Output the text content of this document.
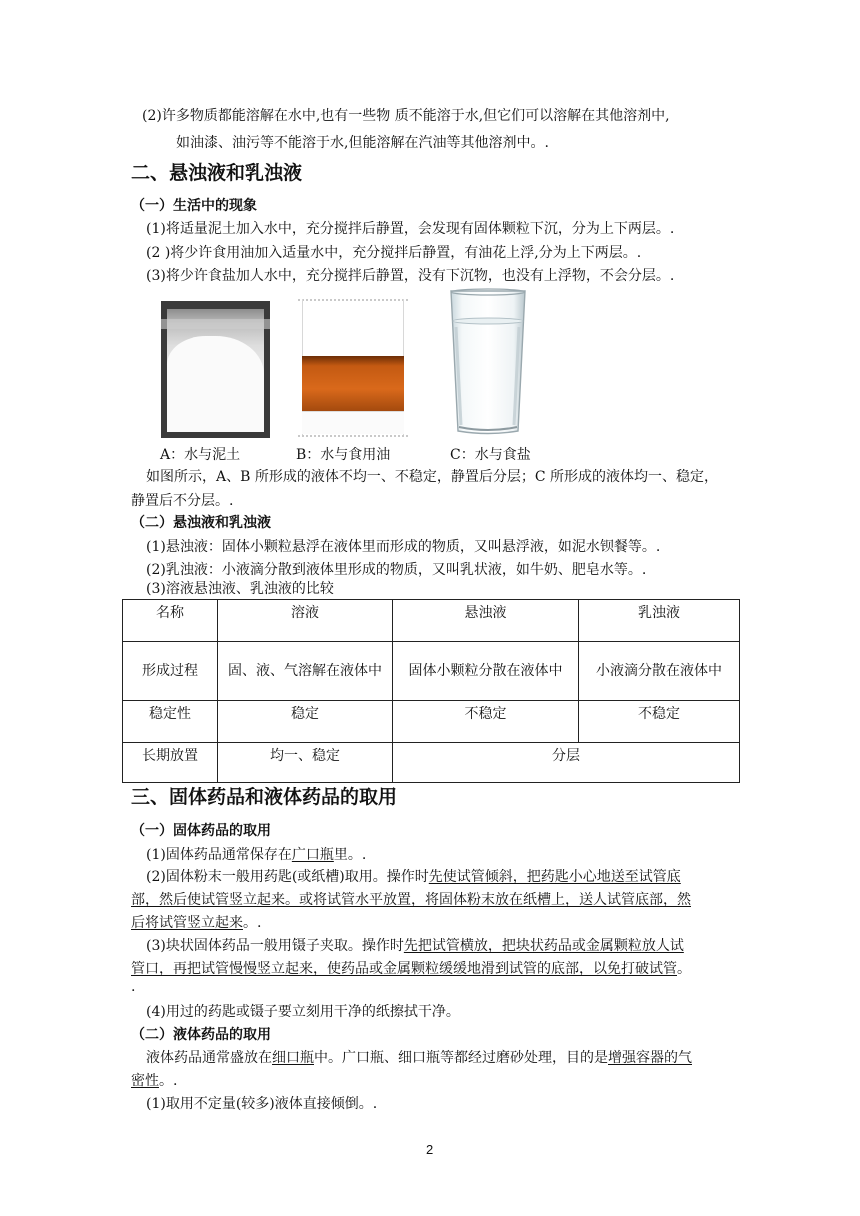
(2)许多物质都能溶解在水中,也有一些物 质不能溶于水,但它们可以溶解在其他溶剂中,
如油漆、油污等不能溶于水,但能溶解在汽油等其他溶剂中。.
二、悬浊液和乳浊液
（一）生活中的现象
(1)将适量泥土加入水中，充分搅拌后静置，会发现有固体颗粒下沉，分为上下两层。.
(2 )将少许食用油加入适量水中，充分搅拌后静置，有油花上浮,分为上下两层。.
(3)将少许食盐加人水中，充分搅拌后静置，没有下沉物，也没有上浮物，不会分层。.
A：水与泥土	B：水与食用油	C：水与食盐
如图所示，A、B 所形成的液体不均一、不稳定，静置后分层；C 所形成的液体均一、稳定，
静置后不分层。.
（二）悬浊液和乳浊液
(1)悬浊液：固体小颗粒悬浮在液体里而形成的物质，又叫悬浮液，如泥水钡餐等。.
(2)乳浊液：小液滴分散到液体里形成的物质，又叫乳状液，如牛奶、肥皂水等。.
(3)溶液悬浊液、乳浊液的比较
名称	溶液	悬浊液	乳浊液
形成过程	固、液、气溶解在液体中	固体小颗粒分散在液体中	小液滴分散在液体中
稳定性	稳定	不稳定	不稳定
长期放置	均一、稳定	分层	
三、固体药品和液体药品的取用
（一）固体药品的取用
(1)固体药品通常保存在广口瓶里。.
(2)固体粉末一般用药匙(或纸槽)取用。操作时先使试管倾斜，把药匙小心地送至试管底
部，然后使试管竖立起来。或将试管水平放置，将固体粉末放在纸槽上，送人试管底部，然
后将试管竖立起来。.
(3)块状固体药品一般用镊子夹取。操作时先把试管横放，把块状药品或金属颗粒放人试
管口，再把试管慢慢竖立起来，使药品或金属颗粒缓缓地滑到试管的底部，以免打破试管。
.
(4)用过的药匙或镊子要立刻用干净的纸擦拭干净。
（二）液体药品的取用
液体药品通常盛放在细口瓶中。广口瓶、细口瓶等都经过磨砂处理，目的是增强容器的气
密性。.
(1)取用不定量(较多)液体直接倾倒。.
2
